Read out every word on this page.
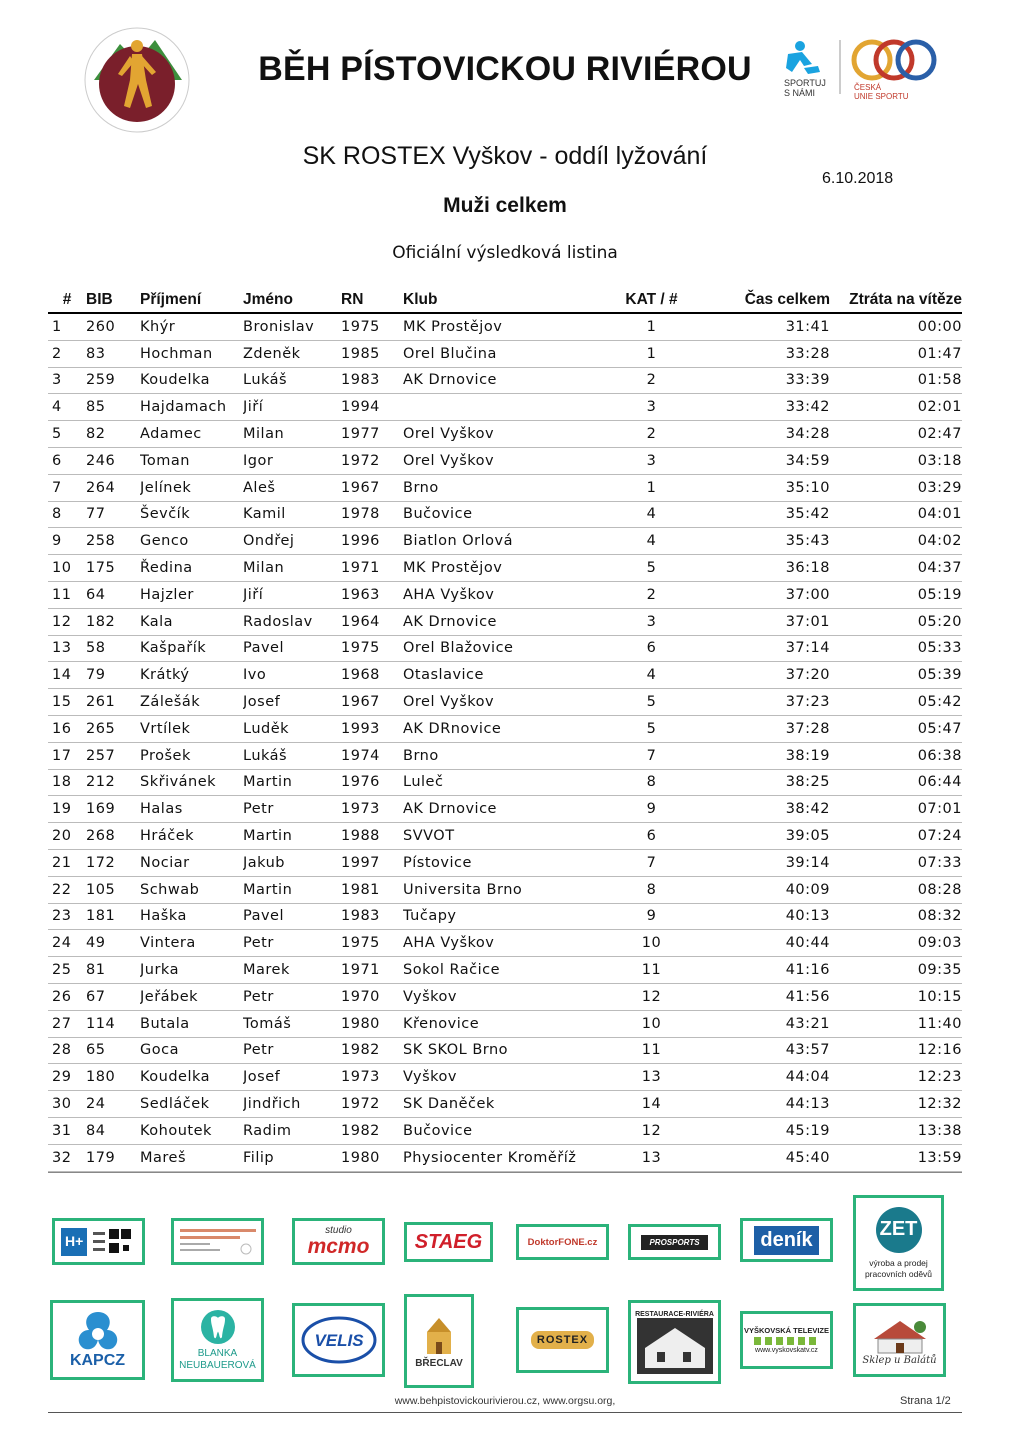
BĚH PÍSTOVICKOU RIVIÉROU	SPORTUJ
S NÁMI
ČESKÁ
UNIE SPORTU
SK ROSTEX Vyškov - oddíl lyžování
6.10.2018
Muži celkem
Oficiální výsledková listina
#	BIB	Příjmení	Jméno	RN	Klub	KAT / #	Čas celkem	Ztráta na vítěze
1	260	Khýr	Bronislav	1975	MK Prostějov	1	31:41	00:00
2	83	Hochman	Zdeněk	1985	Orel Blučina	1	33:28	01:47
3	259	Koudelka	Lukáš	1983	AK Drnovice	2	33:39	01:58
4	85	Hajdamach	Jiří	1994		3	33:42	02:01
5	82	Adamec	Milan	1977	Orel Vyškov	2	34:28	02:47
6	246	Toman	Igor	1972	Orel Vyškov	3	34:59	03:18
7	264	Jelínek	Aleš	1967	Brno	1	35:10	03:29
8	77	Ševčík	Kamil	1978	Bučovice	4	35:42	04:01
9	258	Genco	Ondřej	1996	Biatlon Orlová	4	35:43	04:02
10	175	Ředina	Milan	1971	MK Prostějov	5	36:18	04:37
11	64	Hajzler	Jiří	1963	AHA Vyškov	2	37:00	05:19
12	182	Kala	Radoslav	1964	AK Drnovice	3	37:01	05:20
13	58	Kašpařík	Pavel	1975	Orel Blažovice	6	37:14	05:33
14	79	Krátký	Ivo	1968	Otaslavice	4	37:20	05:39
15	261	Zálešák	Josef	1967	Orel Vyškov	5	37:23	05:42
16	265	Vrtílek	Luděk	1993	AK DRnovice	5	37:28	05:47
17	257	Prošek	Lukáš	1974	Brno	7	38:19	06:38
18	212	Skřivánek	Martin	1976	Luleč	8	38:25	06:44
19	169	Halas	Petr	1973	AK Drnovice	9	38:42	07:01
20	268	Hráček	Martin	1988	SVVOT	6	39:05	07:24
21	172	Nociar	Jakub	1997	Pístovice	7	39:14	07:33
22	105	Schwab	Martin	1981	Universita Brno	8	40:09	08:28
23	181	Haška	Pavel	1983	Tučapy	9	40:13	08:32
24	49	Vintera	Petr	1975	AHA Vyškov	10	40:44	09:03
25	81	Jurka	Marek	1971	Sokol Račice	11	41:16	09:35
26	67	Jeřábek	Petr	1970	Vyškov	12	41:56	10:15
27	114	Butala	Tomáš	1980	Křenovice	10	43:21	11:40
28	65	Goca	Petr	1982	SK SKOL Brno	11	43:57	12:16
29	180	Koudelka	Josef	1973	Vyškov	13	44:04	12:23
30	24	Sedláček	Jindřich	1972	SK Daněček	14	44:13	12:32
31	84	Kohoutek	Radim	1982	Bučovice	12	45:19	13:38
32	179	Mareš	Filip	1980	Physiocenter Kroměříž	13	45:40	13:59
H+
studio
mcmo STAEG	DoktorFONE.cz	PROSPORTS	deník	ZET
výroba a prodej pracovních oděvů
KAPCZ	BLANKA NEUBAUEROVÁ
VELIS
BŘECLAV
ROSTEX
RESTAURACE-RIVIÉRA
VYŠKOVSKÁ TELEVIZE
www.vyskovskatv.cz
Sklep u Balátů
www.behpistovickourivierou.cz, www.orgsu.org,	Strana 1/2
